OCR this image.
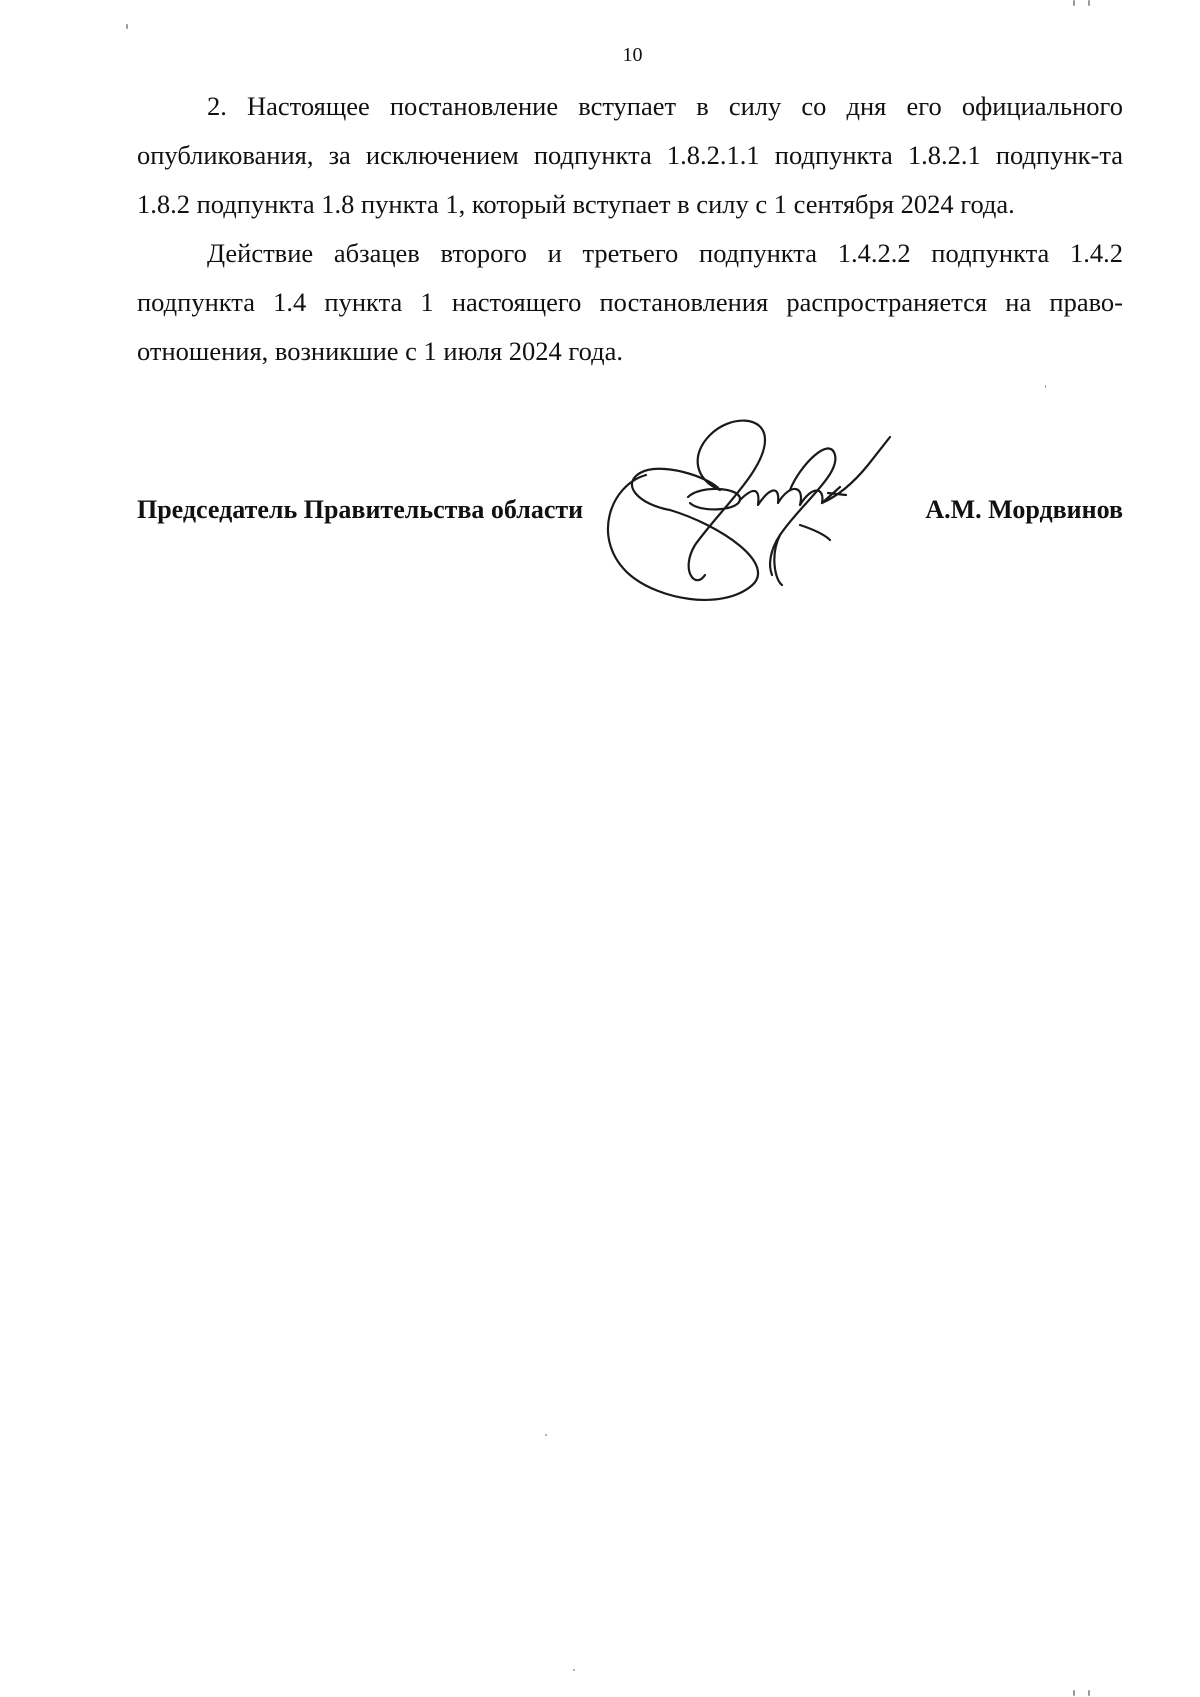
10

2. Настоящее постановление вступает в силу со дня его официального опубликования, за исключением подпункта 1.8.2.1.1 подпункта 1.8.2.1 подпунк-та 1.8.2 подпункта 1.8 пункта 1, который вступает в силу с 1 сентября 2024 года.

Действие абзацев второго и третьего подпункта 1.4.2.2 подпункта 1.4.2 подпункта 1.4 пункта 1 настоящего постановления распространяется на право-отношения, возникшие с 1 июля 2024 года.

Председатель Правительства области	А.М. Мордвинов
